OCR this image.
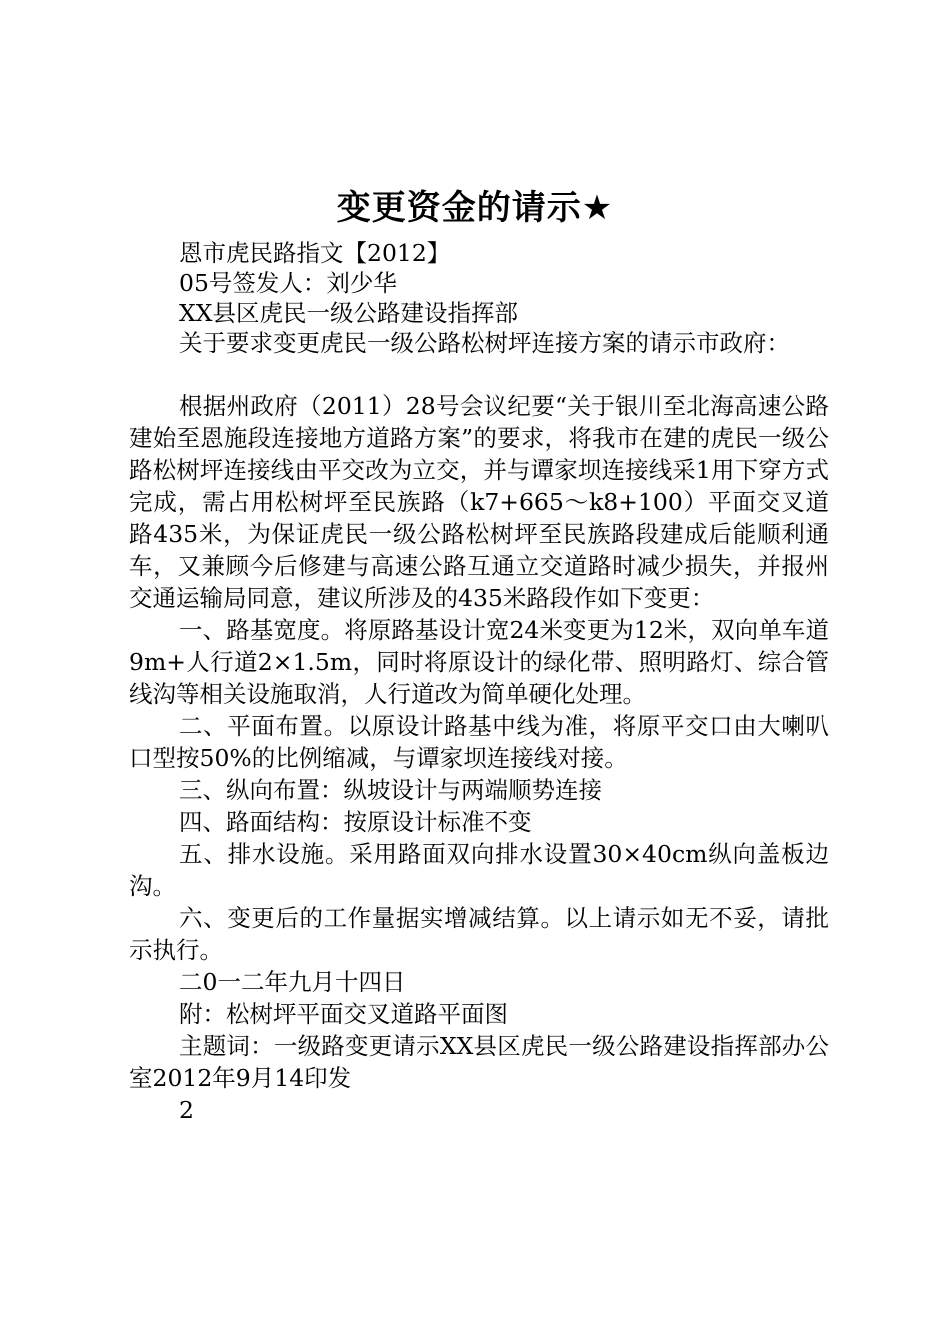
变更资金的请示★
恩市虎民路指文【2012】
05号签发人：刘少华
XX县区虎民一级公路建设指挥部
关于要求变更虎民一级公路松树坪连接方案的请示市政府：
根据州政府（2011）28号会议纪要“关于银川至北海高速公路建始至恩施段连接地方道路方案”的要求，将我市在建的虎民一级公路松树坪连接线由平交改为立交，并与谭家坝连接线采1用下穿方式完成，需占用松树坪至民族路（k7+665～k8+100）平面交叉道路435米，为保证虎民一级公路松树坪至民族路段建成后能顺利通车，又兼顾今后修建与高速公路互通立交道路时减少损失，并报州交通运输局同意，建议所涉及的435米路段作如下变更：
一、路基宽度。将原路基设计宽24米变更为12米，双向单车道9m+人行道2×1.5m，同时将原设计的绿化带、照明路灯、综合管线沟等相关设施取消，人行道改为简单硬化处理。
二、平面布置。以原设计路基中线为准，将原平交口由大喇叭口型按50%的比例缩减，与谭家坝连接线对接。
三、纵向布置：纵坡设计与两端顺势连接
四、路面结构：按原设计标准不变
五、排水设施。采用路面双向排水设置30×40cm纵向盖板边沟。
六、变更后的工作量据实增减结算。以上请示如无不妥，请批示执行。
二0一二年九月十四日
附：松树坪平面交叉道路平面图
主题词：一级路变更请示XX县区虎民一级公路建设指挥部办公室2012年9月14印发
2
